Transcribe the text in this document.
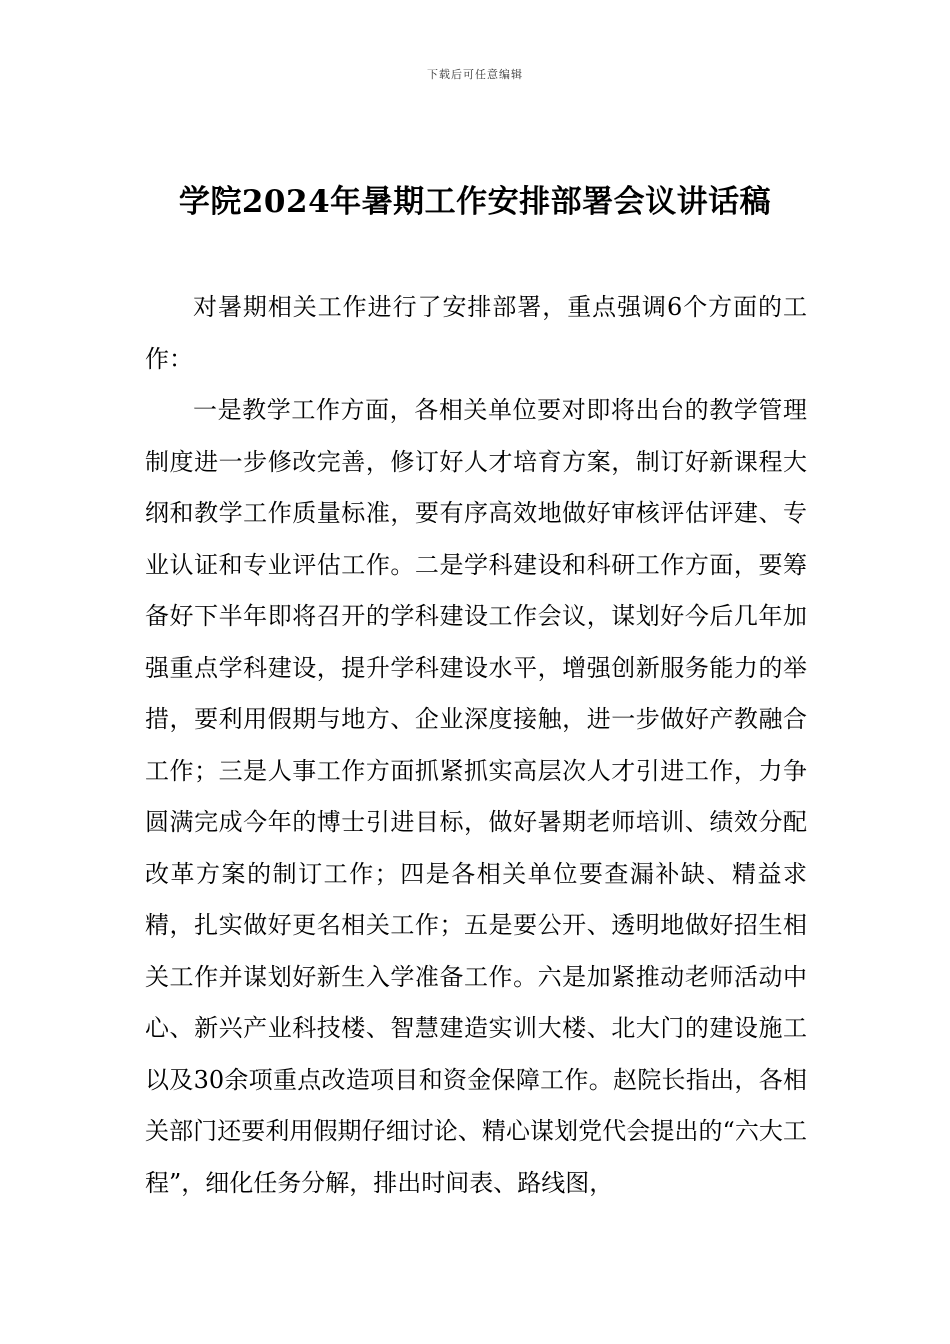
下载后可任意编辑
学院2024年暑期工作安排部署会议讲话稿

对暑期相关工作进行了安排部署，重点强调6个方面的工作：

一是教学工作方面，各相关单位要对即将出台的教学管理制度进一步修改完善，修订好人才培育方案，制订好新课程大纲和教学工作质量标准，要有序高效地做好审核评估评建、专业认证和专业评估工作。二是学科建设和科研工作方面，要筹备好下半年即将召开的学科建设工作会议，谋划好今后几年加强重点学科建设，提升学科建设水平，增强创新服务能力的举措，要利用假期与地方、企业深度接触，进一步做好产教融合工作；三是人事工作方面抓紧抓实高层次人才引进工作，力争圆满完成今年的博士引进目标，做好暑期老师培训、绩效分配改革方案的制订工作；四是各相关单位要查漏补缺、精益求精，扎实做好更名相关工作；五是要公开、透明地做好招生相关工作并谋划好新生入学准备工作。六是加紧推动老师活动中心、新兴产业科技楼、智慧建造实训大楼、北大门的建设施工以及30余项重点改造项目和资金保障工作。赵院长指出，各相关部门还要利用假期仔细讨论、精心谋划党代会提出的“六大工程”，细化任务分解，排出时间表、路线图，
